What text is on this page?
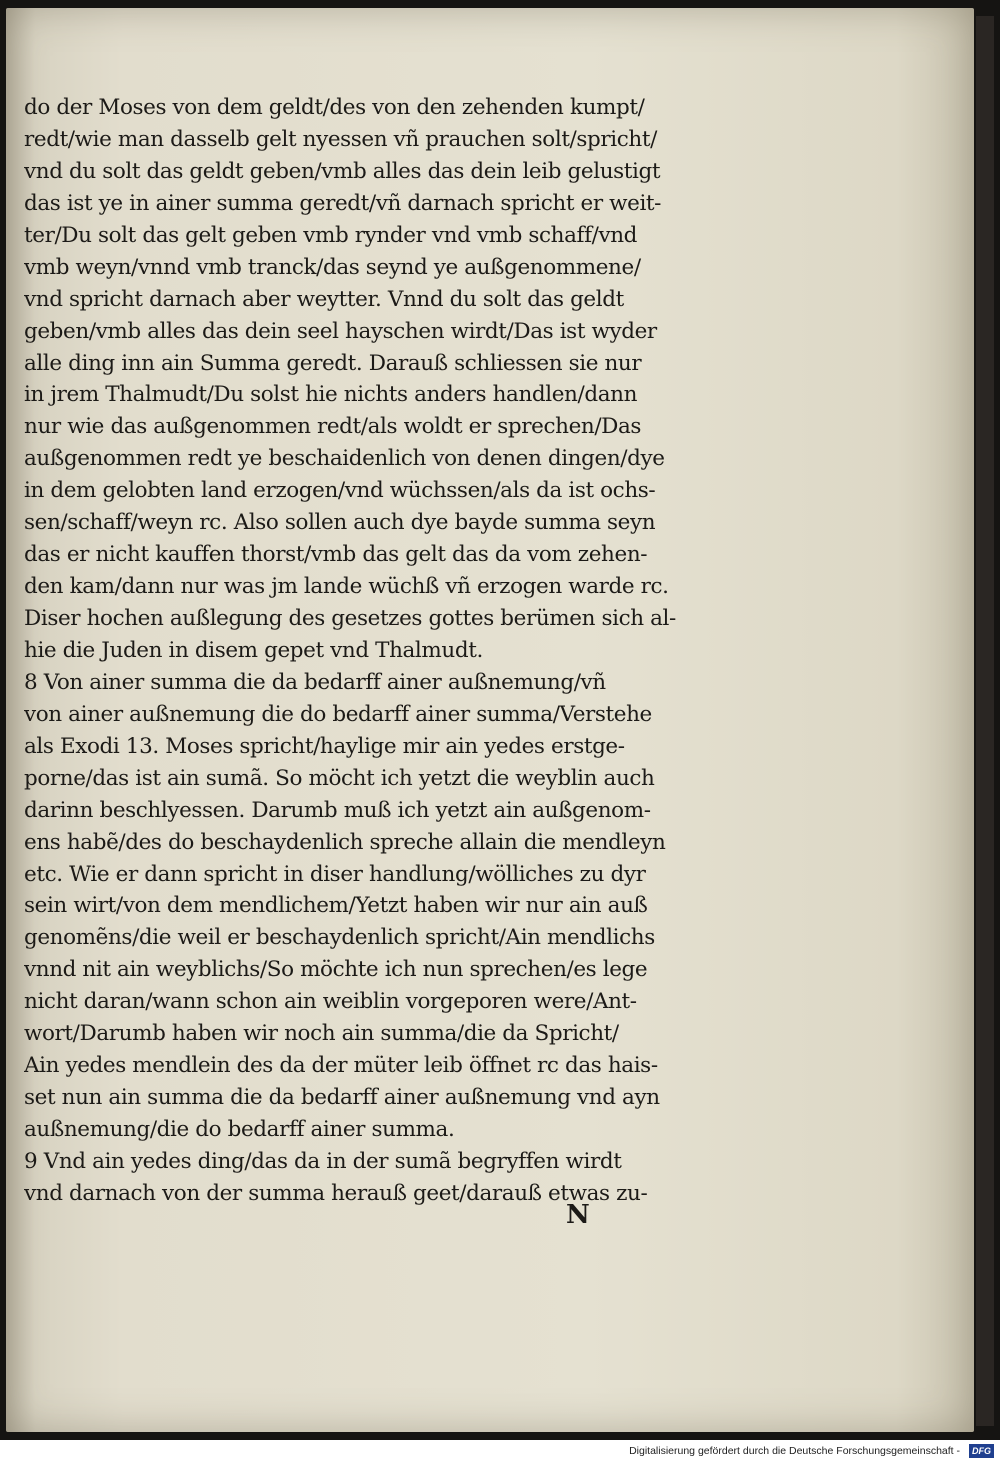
do der Moses von dem geldt/des von den zehenden kumpt/
redt/wie man dasselb gelt nyessen vñ prauchen solt/spricht/
vnd du solt das geldt geben/vmb alles das dein leib gelustigt
das ist ye in ainer summa geredt/vñ darnach spricht er weit-
ter/Du solt das gelt geben vmb rynder vnd vmb schaff/vnd
vmb weyn/vnnd vmb tranck/das seynd ye außgenommene/
vnd spricht darnach aber weytter. Vnnd du solt das geldt
geben/vmb alles das dein seel hayschen wirdt/Das ist wyder
alle ding inn ain Summa geredt. Darauß schliessen sie nur
in jrem Thalmudt/Du solst hie nichts anders handlen/dann
nur wie das außgenommen redt/als woldt er sprechen/Das
außgenommen redt ye beschaidenlich von denen dingen/dye
in dem gelobten land erzogen/vnd wüchssen/als da ist ochs-
sen/schaff/weyn rc. Also sollen auch dye bayde summa seyn
das er nicht kauffen thorst/vmb das gelt das da vom zehen-
den kam/dann nur was jm lande wüchß vñ erzogen warde rc.
Diser hochen außlegung des gesetzes gottes berümen sich al-
hie die Juden in disem gepet vnd Thalmudt.
8 Von ainer summa die da bedarff ainer außnemung/vñ
von ainer außnemung die do bedarff ainer summa/Verstehe
als Exodi 13. Moses spricht/haylige mir ain yedes erstge-
porne/das ist ain sumã. So möcht ich yetzt die weyblin auch
darinn beschlyessen. Darumb muß ich yetzt ain außgenom-
ens habẽ/des do beschaydenlich spreche allain die mendleyn
etc. Wie er dann spricht in diser handlung/wölliches zu dyr
sein wirt/von dem mendlichem/Yetzt haben wir nur ain auß
genomẽns/die weil er beschaydenlich spricht/Ain mendlichs
vnnd nit ain weyblichs/So möchte ich nun sprechen/es lege
nicht daran/wann schon ain weiblin vorgeporen were/Ant-
wort/Darumb haben wir noch ain summa/die da Spricht/
Ain yedes mendlein des da der müter leib öffnet rc das hais-
set nun ain summa die da bedarff ainer außnemung vnd ayn
außnemung/die do bedarff ainer summa.
9 Vnd ain yedes ding/das da in der sumã begryffen wirdt
vnd darnach von der summa herauß geet/darauß etwas zu-
N
Digitalisierung gefördert durch die Deutsche Forschungsgemeinschaft -	DFG
